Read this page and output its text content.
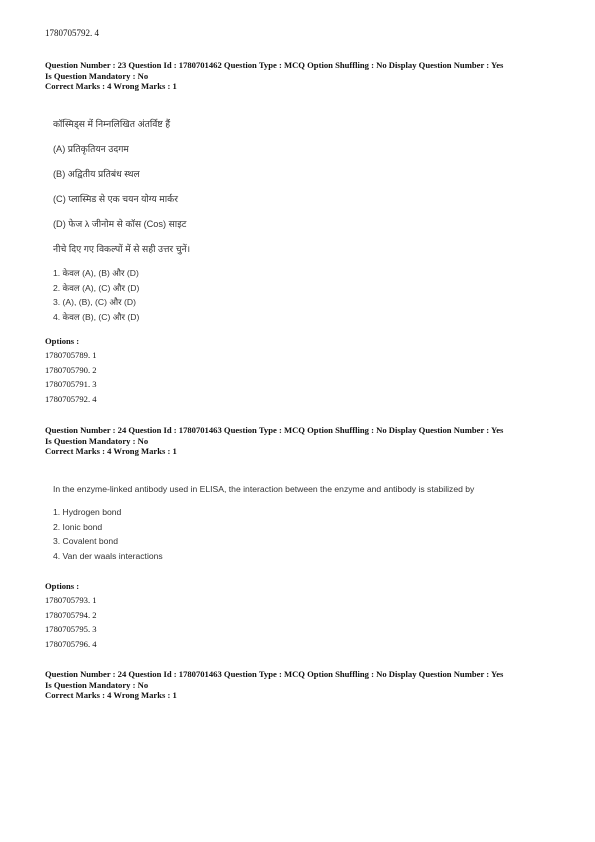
1780705792. 4
Question Number : 23 Question Id : 1780701462 Question Type : MCQ Option Shuffling : No Display Question Number : Yes
Is Question Mandatory : No
Correct Marks : 4 Wrong Marks : 1
कॉस्मिड्स में निम्नलिखित अंतर्विष्ट हैं
(A) प्रतिकृतियन उदगम
(B) अद्वितीय प्रतिबंध स्थल
(C) प्लास्मिड से एक चयन योग्य मार्कर
(D) फेज λ जीनोम से कॉस (Cos) साइट
नीचे दिए गए विकल्पों में से सही उत्तर चुनें।
1. केवल (A), (B) और (D)
2. केवल (A), (C) और (D)
3. (A), (B), (C) और (D)
4. केवल (B), (C) और (D)
Options :
1780705789. 1
1780705790. 2
1780705791. 3
1780705792. 4
Question Number : 24 Question Id : 1780701463 Question Type : MCQ Option Shuffling : No Display Question Number : Yes
Is Question Mandatory : No
Correct Marks : 4 Wrong Marks : 1
In the enzyme-linked antibody used in ELISA, the interaction between the enzyme and antibody is stabilized by
1. Hydrogen bond
2. Ionic bond
3. Covalent bond
4. Van der waals interactions
Options :
1780705793. 1
1780705794. 2
1780705795. 3
1780705796. 4
Question Number : 24 Question Id : 1780701463 Question Type : MCQ Option Shuffling : No Display Question Number : Yes
Is Question Mandatory : No
Correct Marks : 4 Wrong Marks : 1
